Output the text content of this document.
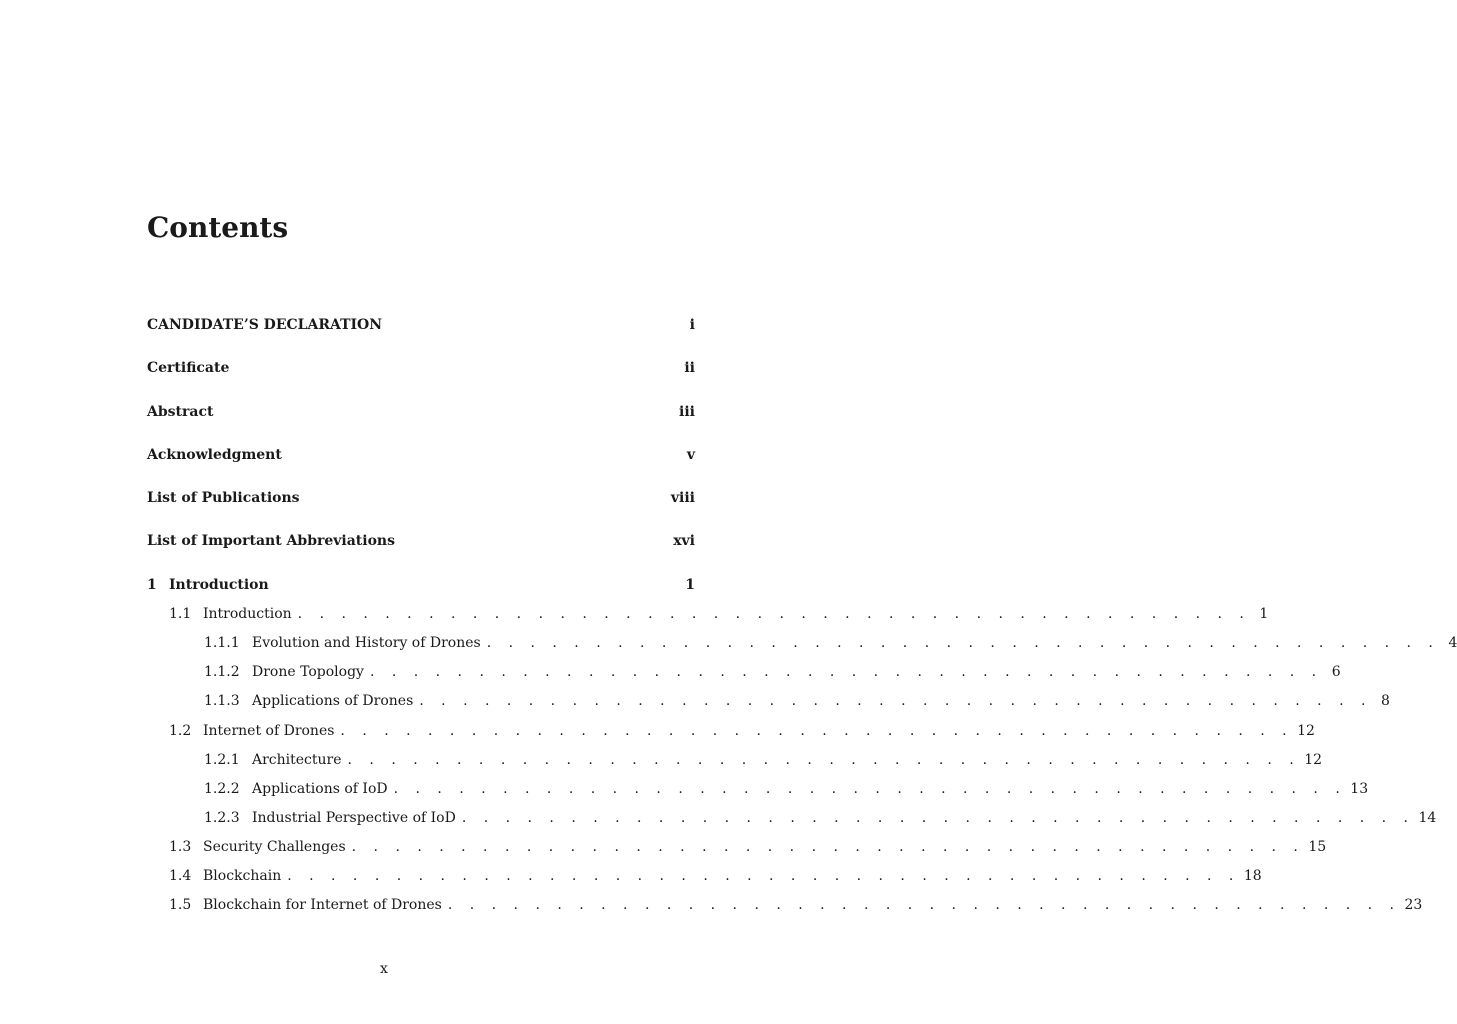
Contents
CANDIDATE’S DECLARATION	i
Certificate	ii
Abstract	iii
Acknowledgment	v
List of Publications	viii
List of Important Abbreviations	xvi
1 Introduction	1
1.1 Introduction . . . . . . . . . . . . . . . . . . . . . . . . . . . . . . . . . . . . . . . . . . . . 1
1.1.1 Evolution and History of Drones . . . . . . . . . . . . . . . . . . . . . . . . . . . . . . . . . . . . . . . . . . . . 4
1.1.2 Drone Topology . . . . . . . . . . . . . . . . . . . . . . . . . . . . . . . . . . . . . . . . . . . . 6
1.1.3 Applications of Drones . . . . . . . . . . . . . . . . . . . . . . . . . . . . . . . . . . . . . . . . . . . . 8
1.2 Internet of Drones . . . . . . . . . . . . . . . . . . . . . . . . . . . . . . . . . . . . . . . . . . . . 12
1.2.1 Architecture . . . . . . . . . . . . . . . . . . . . . . . . . . . . . . . . . . . . . . . . . . . . 12
1.2.2 Applications of IoD . . . . . . . . . . . . . . . . . . . . . . . . . . . . . . . . . . . . . . . . . . . . 13
1.2.3 Industrial Perspective of IoD . . . . . . . . . . . . . . . . . . . . . . . . . . . . . . . . . . . . . . . . . . . . 14
1.3 Security Challenges . . . . . . . . . . . . . . . . . . . . . . . . . . . . . . . . . . . . . . . . . . . . 15
1.4 Blockchain . . . . . . . . . . . . . . . . . . . . . . . . . . . . . . . . . . . . . . . . . . . . 18
1.5 Blockchain for Internet of Drones . . . . . . . . . . . . . . . . . . . . . . . . . . . . . . . . . . . . . . . . . . . . 23
x
